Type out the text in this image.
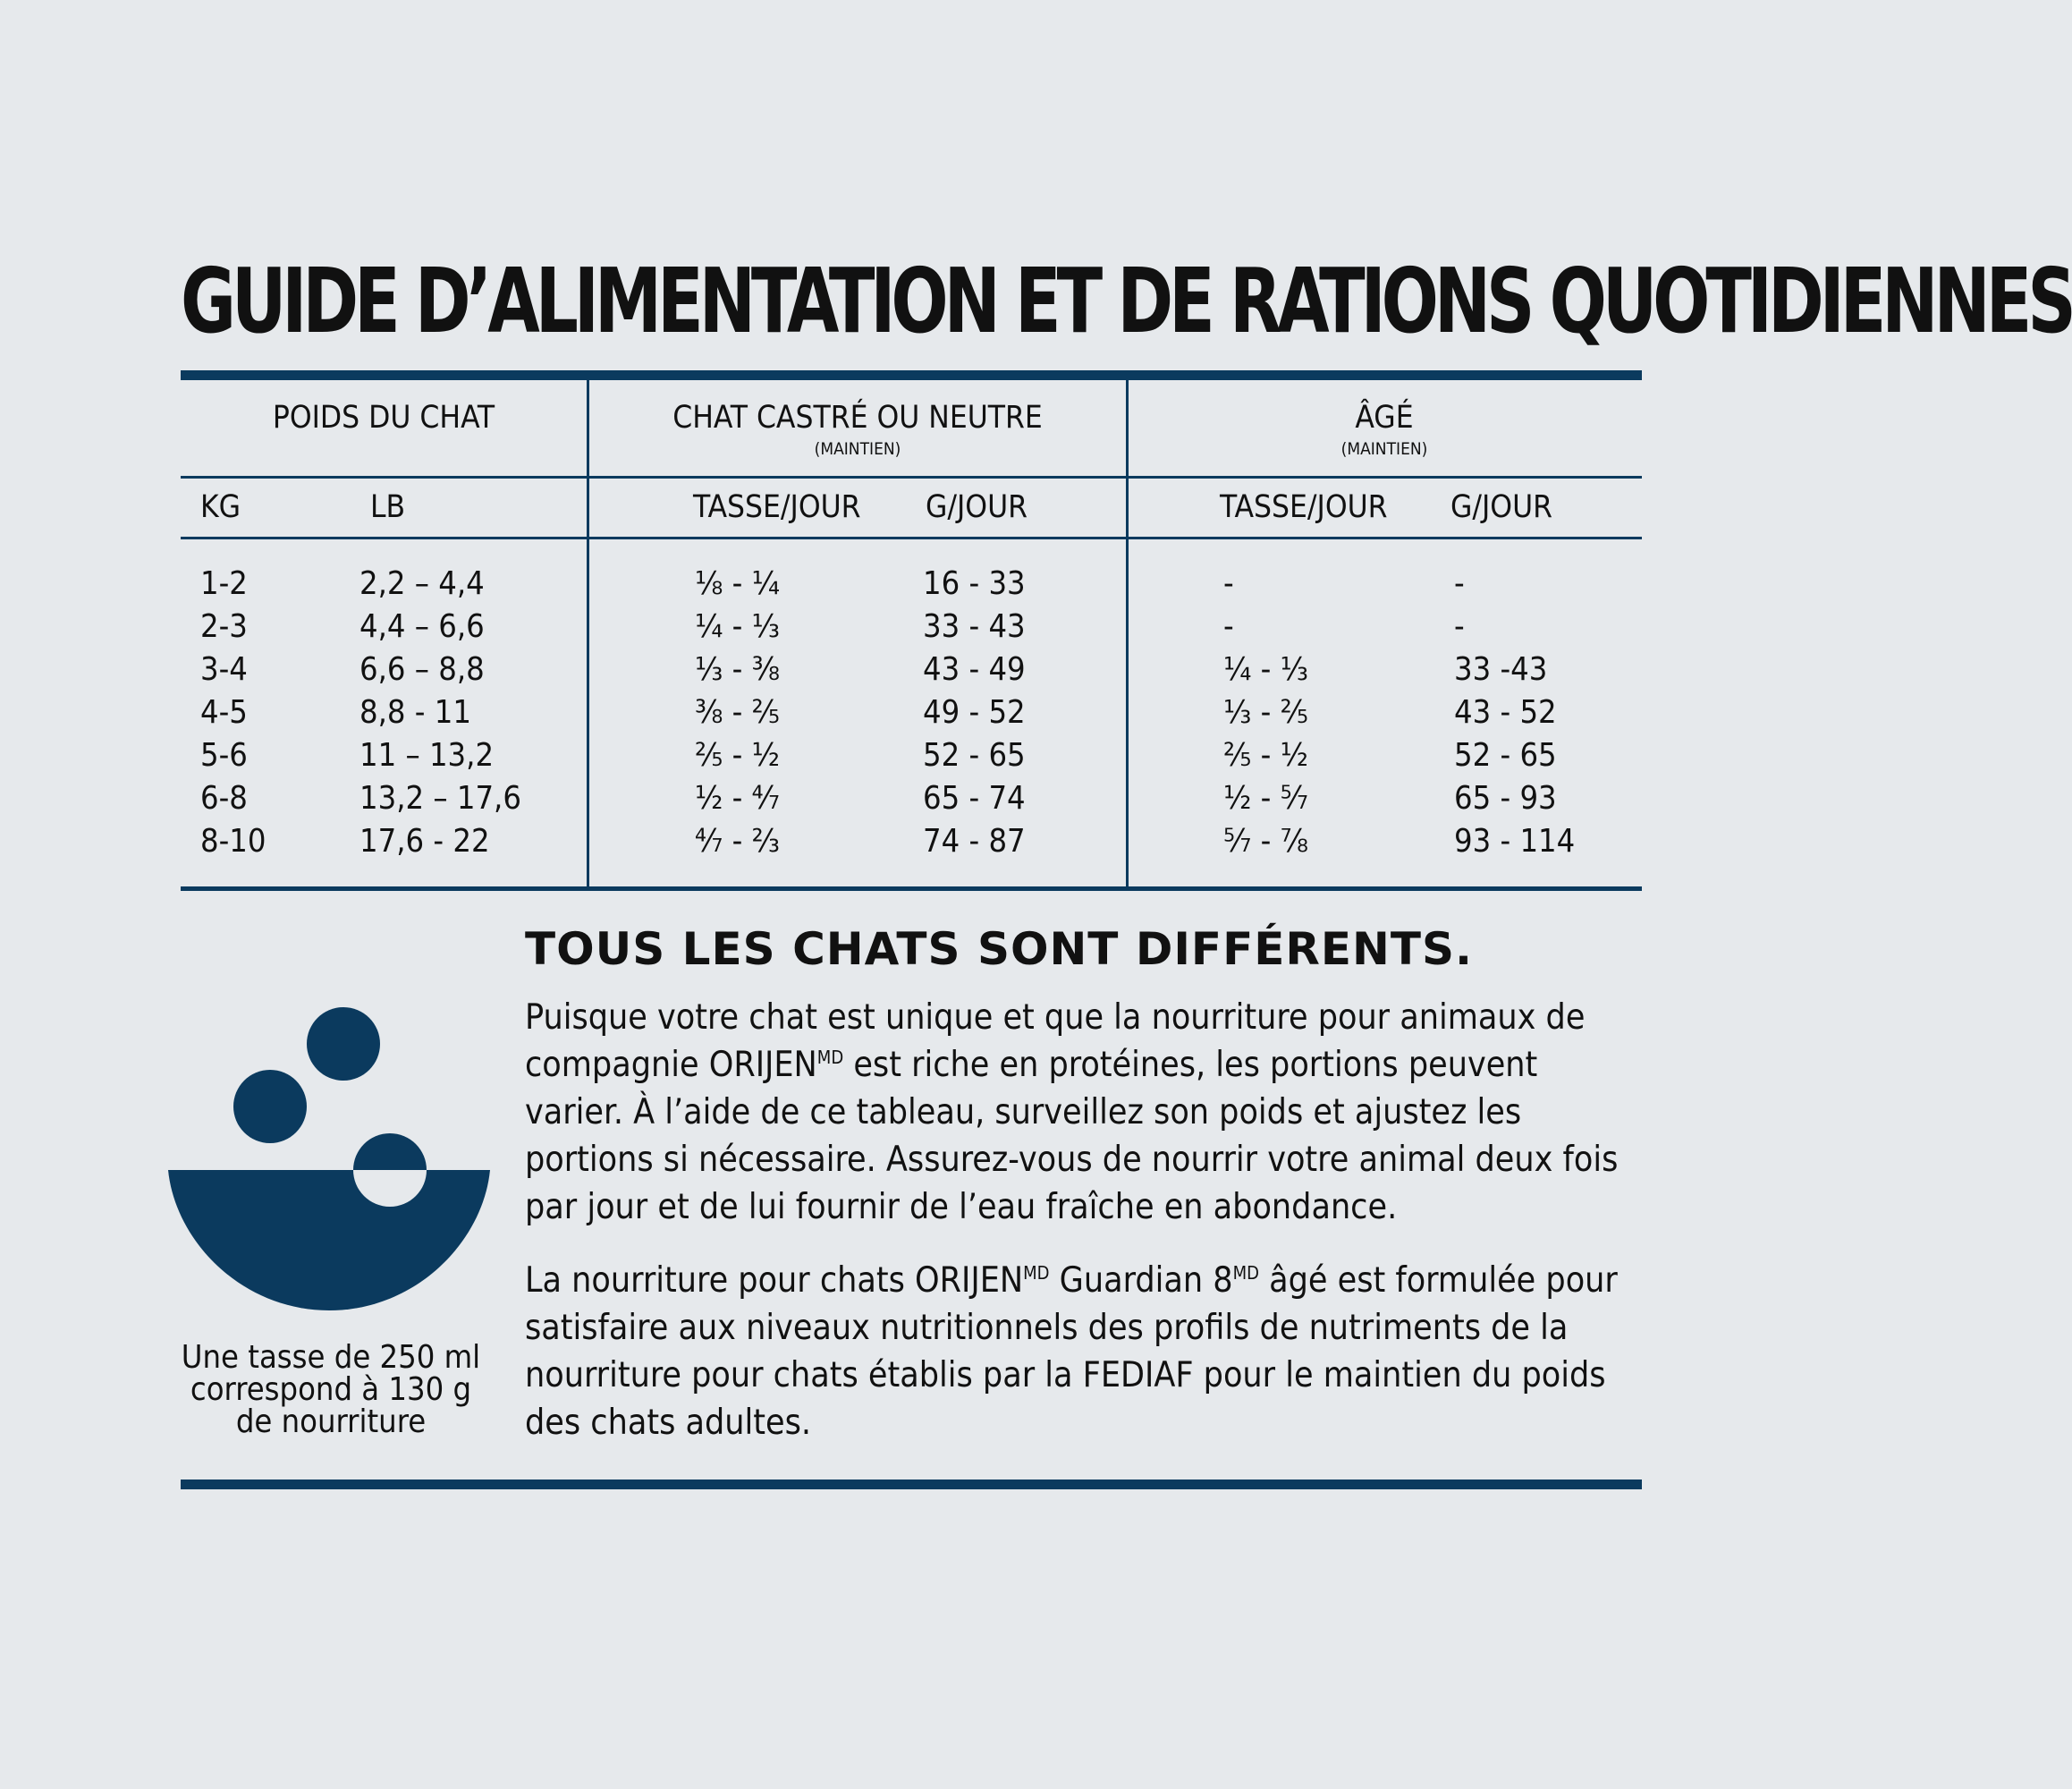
GUIDE D’ALIMENTATION ET DE RATIONS QUOTIDIENNES
POIDS DU CHAT	CHAT CASTRÉ OU NEUTRE
(MAINTIEN)
ÂGÉ
(MAINTIEN)
KG	LB	TASSE/JOUR G/JOUR	TASSE/JOUR G/JOUR
1-2	2,2 – 4,4	⅛ - ¼	16 - 33	-	-
2-3	4,4 – 6,6	¼ - ⅓	33 - 43	-	-
3-4	6,6 – 8,8	⅓ - ³⁄₈	43 - 49	¼ - ⅓	33 -43
4-5	8,8 - 11	³⁄₈ - ²⁄₅	49 - 52	⅓ - ²⁄₅	43 - 52
5-6	11 – 13,2	²⁄₅ - ½	52 - 65	²⁄₅ - ½	52 - 65
6-8	13,2 – 17,6	½ - ⁴⁄₇	65 - 74	½ - ⁵⁄₇	65 - 93
8-10	17,6 - 22	⁴⁄₇ - ⅔	74 - 87	⁵⁄₇ - ⅞	93 - 114
Une tasse de 250 ml
correspond à 130 g
de nourriture
TOUS LES CHATS SONT DIFFÉRENTS.
Puisque votre chat est unique et que la nourriture pour animaux de compagnie $ORIJEN^{MD}$ est riche en protéines, les portions peuvent varier. À l’aide de ce tableau, surveillez son poids et ajustez les portions si nécessaire. Assurez-vous de nourrir votre animal deux fois par jour et de lui fournir de l’eau fraîche en abondance.
La nourriture pour chats $ORIJEN^{MD}$ Guardian $8^{MD}$ âgé est formulée pour satisfaire aux niveaux nutritionnels des profils de nutriments de la nourriture pour chats établis par la FEDIAF pour le maintien du poids des chats adultes.
